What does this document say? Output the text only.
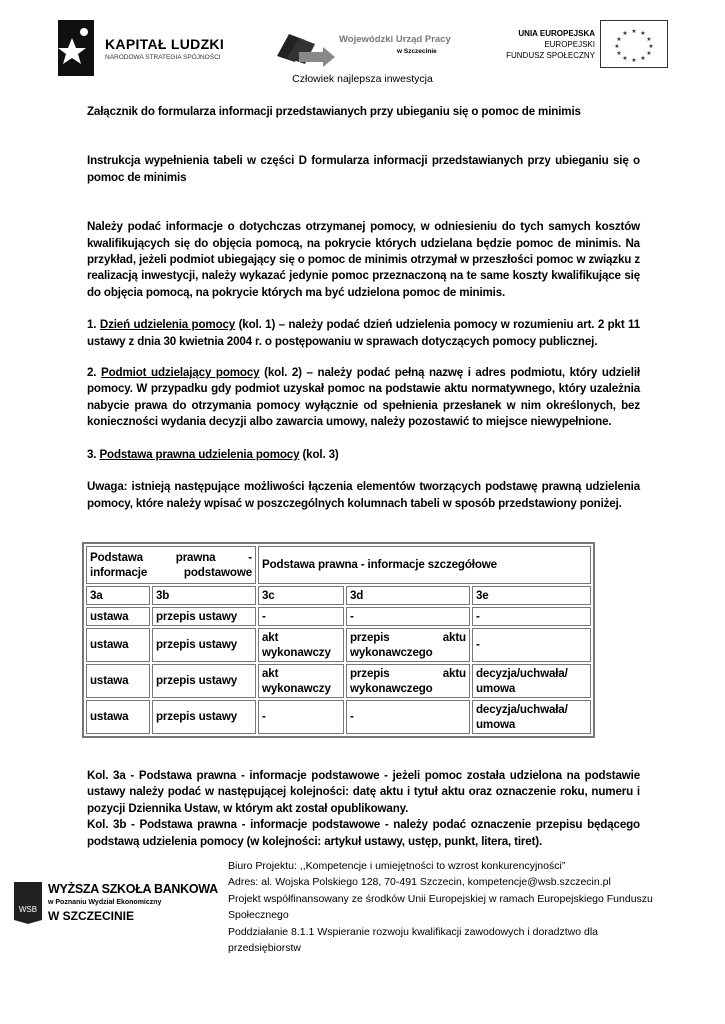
KAPITAŁ LUDZKI
NARODOWA STRATEGIA SPÓJNOŚCI
Wojewódzki Urząd Pracy
w Szczecinie
UNIA EUROPEJSKA
EUROPEJSKI
FUNDUSZ SPOŁECZNY
★ ★
★
★
★
★
★
★
★
★
★
★
Człowiek najlepsza inwestycja
Załącznik do formularza informacji przedstawianych przy ubieganiu się o pomoc de minimis
Instrukcja wypełnienia tabeli w części D formularza informacji przedstawianych przy ubieganiu się o pomoc de minimis
Należy podać informacje o dotychczas otrzymanej pomocy, w odniesieniu do tych samych kosztów kwalifikujących się do objęcia pomocą, na pokrycie których udzielana będzie pomoc de minimis. Na przykład, jeżeli podmiot ubiegający się o pomoc de minimis otrzymał w przeszłości pomoc w związku z realizacją inwestycji, należy wykazać jedynie pomoc przeznaczoną na te same koszty kwalifikujące się do objęcia pomocą, na pokrycie których ma być udzielona pomoc de minimis.
1. Dzień udzielenia pomocy (kol. 1) – należy podać dzień udzielenia pomocy w rozumieniu art. 2 pkt 11 ustawy z dnia 30 kwietnia 2004 r. o postępowaniu w sprawach dotyczących pomocy publicznej.
2. Podmiot udzielający pomocy (kol. 2) – należy podać pełną nazwę i adres podmiotu, który udzielił pomocy. W przypadku gdy podmiot uzyskał pomoc na podstawie aktu normatywnego, który uzależnia nabycie prawa do otrzymania pomocy wyłącznie od spełnienia przesłanek w nim określonych, bez konieczności wydania decyzji albo zawarcia umowy, należy pozostawić to miejsce niewypełnione.
3. Podstawa prawna udzielenia pomocy (kol. 3)
Uwaga: istnieją następujące możliwości łączenia elementów tworzących podstawę prawną udzielenia pomocy, które należy wpisać w poszczególnych kolumnach tabeli w sposób przedstawiony poniżej.
Podstawa prawna - informacje podstawowe		Podstawa prawna - informacje szczegółowe		
3a	3b	3c	3d	3e
ustawa	przepis ustawy	-	-	-
ustawa	przepis ustawy	akt wykonawczy	przepis aktu wykonawczego	-
ustawa	przepis ustawy	akt wykonawczy	przepis aktu wykonawczego	decyzja/uchwała/ umowa
ustawa	przepis ustawy	-	-	decyzja/uchwała/ umowa
Kol. 3a - Podstawa prawna - informacje podstawowe - jeżeli pomoc została udzielona na podstawie ustawy należy podać w następującej kolejności: datę aktu i tytuł aktu oraz oznaczenie roku, numeru i pozycji Dziennika Ustaw, w którym akt został opublikowany.
Kol. 3b - Podstawa prawna - informacje podstawowe - należy podać oznaczenie przepisu będącego podstawą udzielenia pomocy (w kolejności: artykuł ustawy, ustęp, punkt, litera, tiret).
WSB
WYŻSZA SZKOŁA BANKOWA
w Poznaniu Wydział Ekonomiczny
W SZCZECINIE
Biuro Projektu: ,,Kompetencje i umiejętności to wzrost konkurencyjności”
Adres: al. Wojska Polskiego 128, 70-491 Szczecin, kompetencje@wsb.szczecin.pl
Projekt współfinansowany ze środków Unii Europejskiej w ramach Europejskiego Funduszu Społecznego
Poddziałanie 8.1.1 Wspieranie rozwoju kwalifikacji zawodowych i doradztwo dla przedsiębiorstw
